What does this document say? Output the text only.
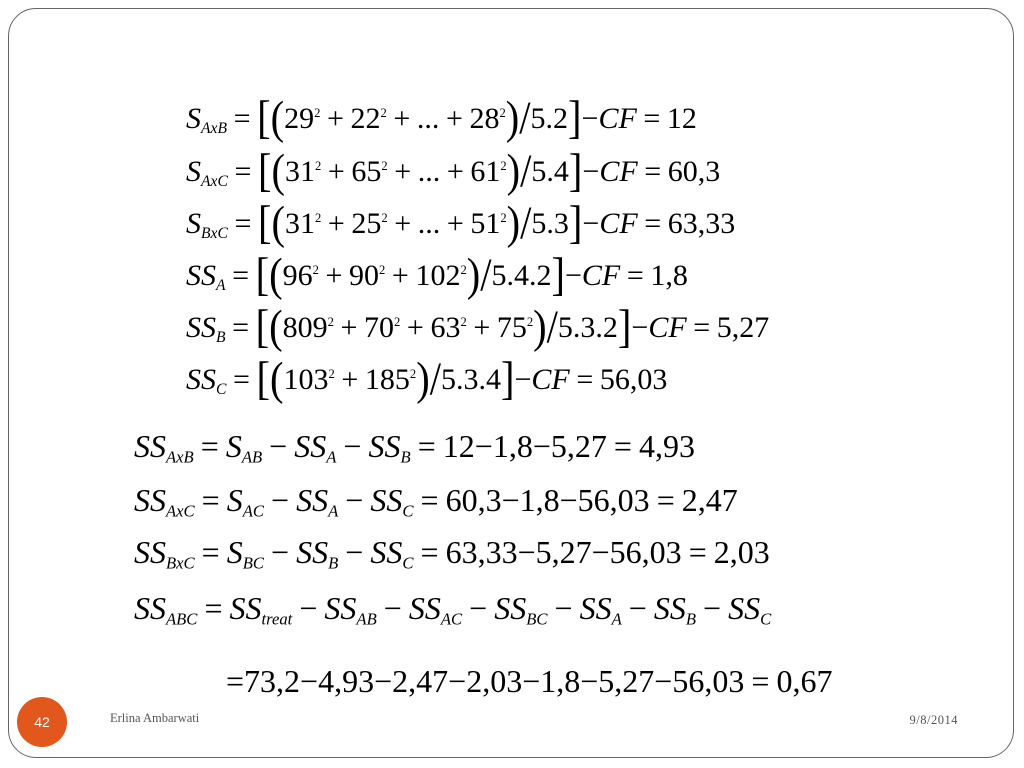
$S_{AxB} = [(29^2 + 22^2$ + ... + $28^2)/5.2]-CF = 12$
$S_{AxC} = [(31^2 + 65^2$ + ... + $61^2)/5.4]-CF = 60,3$
$S_{BxC} = [(31^2 + 25^2$ + ... + $51^2)/5.3]-CF = 63,33$
$SS_A = [(96^2 + 90^2 + 102^2)/5.4.2]-CF = 1,8$
$SS_B = [(809^2 + 70^2 + 63^2 + 75^2)/5.3.2]-CF = 5,27$
$SS_C = [(103^2 + 185^2)/5.3.4]-CF = 56,03$
$SS_{AxB} = S_{AB} - SS_A - SS_B = 12-1,8-5,27 = 4,93$
$SS_{AxC} = S_{AC} - SS_A - SS_C = 60,3-1,8-56,03 = 2,47$
$SS_{BxC} = S_{BC} - SS_B - SS_C = 63,33-5,27-56,03 = 2,03$
$SS_{ABC} = SS_{treat} - SS_{AB} - SS_{AC} - SS_{BC} - SS_A - SS_B - SS_C$
=73,2−4,93−2,47−2,03−1,8−5,27−56,03 = 0,67
42	Erlina Ambarwati	9/8/2014
